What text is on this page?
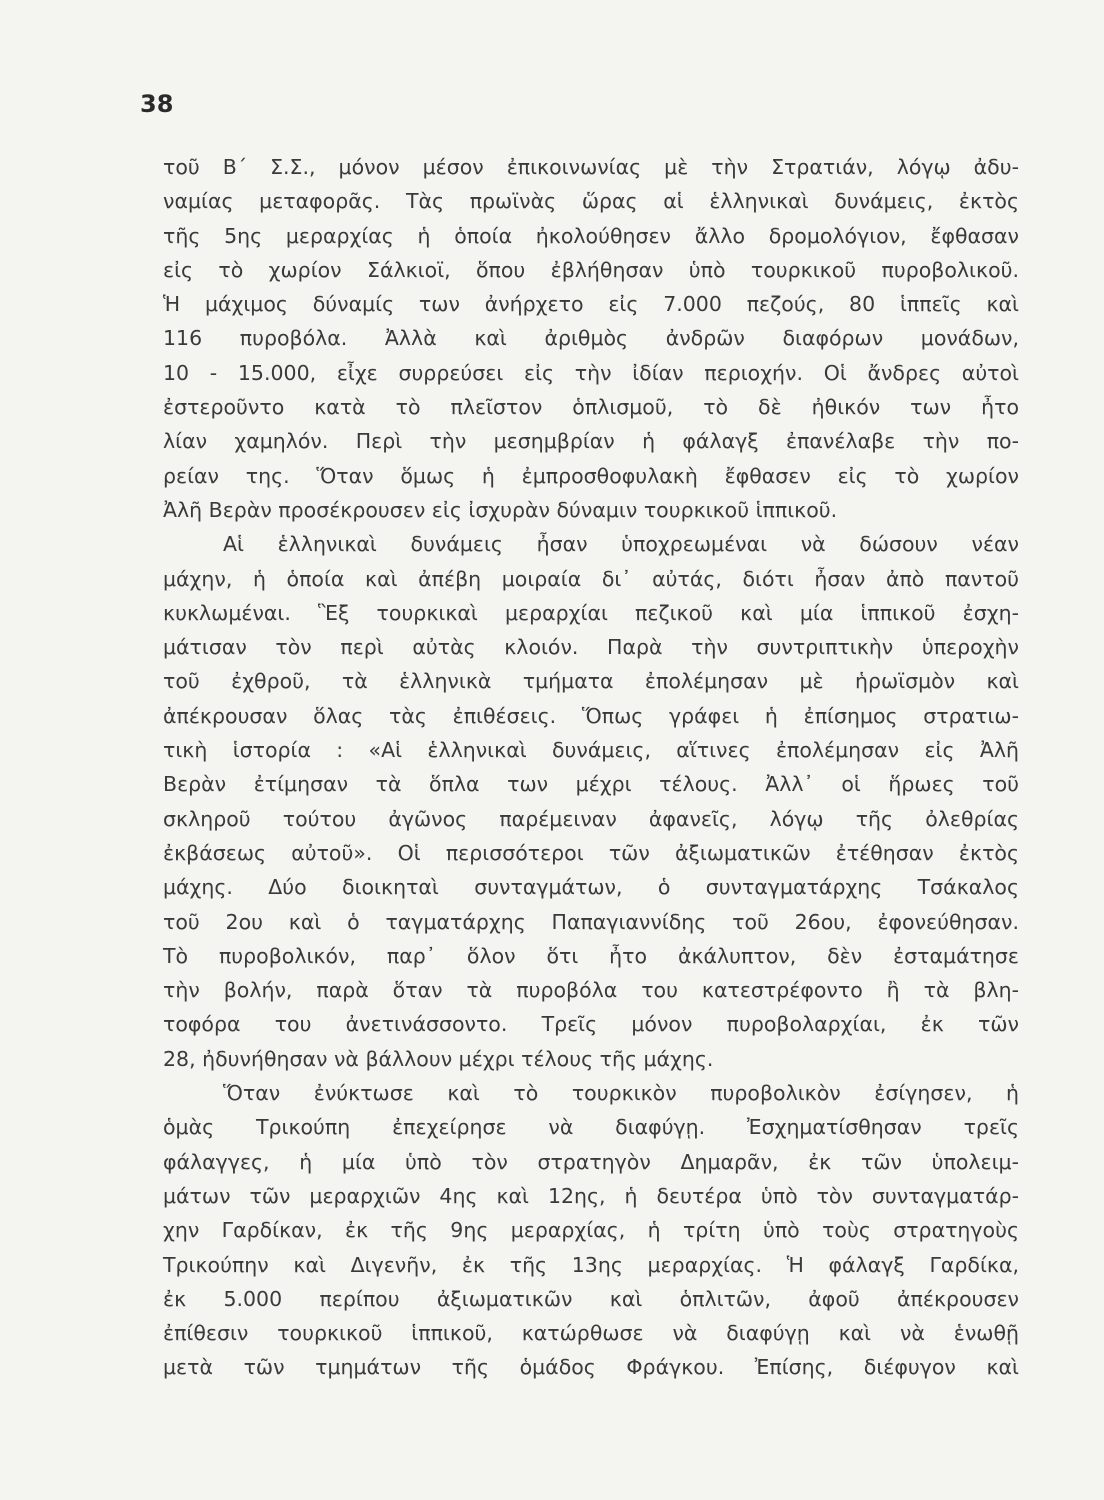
38
τοῦ Β΄ Σ.Σ., μόνον μέσον ἐπικοινωνίας μὲ τὴν Στρατιάν, λόγῳ ἀδυ-
ναμίας μεταφορᾶς. Τὰς πρωϊνὰς ὥρας αἱ ἑλληνικαὶ δυνάμεις, ἐκτὸς
τῆς 5ης μεραρχίας ἡ ὁποία ἠκολούθησεν ἄλλο δρομολόγιον, ἔφθασαν
εἰς τὸ χωρίον Σάλκιοϊ, ὅπου ἐβλήθησαν ὑπὸ τουρκικοῦ πυροβολικοῦ.
Ἡ μάχιμος δύναμίς των ἀνήρχετο εἰς 7.000 πεζούς, 80 ἱππεῖς καὶ
116 πυροβόλα. Ἀλλὰ καὶ ἀριθμὸς ἀνδρῶν διαφόρων μονάδων,
10 - 15.000, εἶχε συρρεύσει εἰς τὴν ἰδίαν περιοχήν. Οἱ ἄνδρες αὐτοὶ
ἐστεροῦντο κατὰ τὸ πλεῖστον ὁπλισμοῦ, τὸ δὲ ἠθικόν των ἦτο
λίαν χαμηλόν. Περὶ τὴν μεσημβρίαν ἡ φάλαγξ ἐπανέλαβε τὴν πο-
ρείαν της. Ὅταν ὅμως ἡ ἐμπροσθοφυλακὴ ἔφθασεν εἰς τὸ χωρίον
Ἀλῆ Βερὰν προσέκρουσεν εἰς ἰσχυρὰν δύναμιν τουρκικοῦ ἱππικοῦ.
Αἱ ἑλληνικαὶ δυνάμεις ἦσαν ὑποχρεωμέναι νὰ δώσουν νέαν
μάχην, ἡ ὁποία καὶ ἀπέβη μοιραία δι᾽ αὐτάς, διότι ἦσαν ἀπὸ παντοῦ
κυκλωμέναι. Ἓξ τουρκικαὶ μεραρχίαι πεζικοῦ καὶ μία ἱππικοῦ ἐσχη-
μάτισαν τὸν περὶ αὐτὰς κλοιόν. Παρὰ τὴν συντριπτικὴν ὑπεροχὴν
τοῦ ἐχθροῦ, τὰ ἑλληνικὰ τμήματα ἐπολέμησαν μὲ ἡρωϊσμὸν καὶ
ἀπέκρουσαν ὅλας τὰς ἐπιθέσεις. Ὅπως γράφει ἡ ἐπίσημος στρατιω-
τικὴ ἱστορία : «Αἱ ἑλληνικαὶ δυνάμεις, αἵτινες ἐπολέμησαν εἰς Ἀλῆ
Βερὰν ἐτίμησαν τὰ ὅπλα των μέχρι τέλους. Ἀλλ᾽ οἱ ἥρωες τοῦ
σκληροῦ τούτου ἀγῶνος παρέμειναν ἀφανεῖς, λόγῳ τῆς ὀλεθρίας
ἐκβάσεως αὐτοῦ». Οἱ περισσότεροι τῶν ἀξιωματικῶν ἐτέθησαν ἐκτὸς
μάχης. Δύο διοικηταὶ συνταγμάτων, ὁ συνταγματάρχης Τσάκαλος
τοῦ 2ου καὶ ὁ ταγματάρχης Παπαγιαννίδης τοῦ 26ου, ἐφονεύθησαν.
Τὸ πυροβολικόν, παρ᾽ ὅλον ὅτι ἦτο ἀκάλυπτον, δὲν ἐσταμάτησε
τὴν βολήν, παρὰ ὅταν τὰ πυροβόλα του κατεστρέφοντο ἢ τὰ βλη-
τοφόρα του ἀνετινάσσοντο. Τρεῖς μόνον πυροβολαρχίαι, ἐκ τῶν
28, ἠδυνήθησαν νὰ βάλλουν μέχρι τέλους τῆς μάχης.
Ὅταν ἐνύκτωσε καὶ τὸ τουρκικὸν πυροβολικὸν ἐσίγησεν, ἡ
ὁμὰς Τρικούπη ἐπεχείρησε νὰ διαφύγῃ. Ἐσχηματίσθησαν τρεῖς
φάλαγγες, ἡ μία ὑπὸ τὸν στρατηγὸν Δημαρᾶν, ἐκ τῶν ὑπολειμ-
μάτων τῶν μεραρχιῶν 4ης καὶ 12ης, ἡ δευτέρα ὑπὸ τὸν συνταγματάρ-
χην Γαρδίκαν, ἐκ τῆς 9ης μεραρχίας, ἡ τρίτη ὑπὸ τοὺς στρατηγοὺς
Τρικούπην καὶ Διγενῆν, ἐκ τῆς 13ης μεραρχίας. Ἡ φάλαγξ Γαρδίκα,
ἐκ 5.000 περίπου ἀξιωματικῶν καὶ ὁπλιτῶν, ἀφοῦ ἀπέκρουσεν
ἐπίθεσιν τουρκικοῦ ἱππικοῦ, κατώρθωσε νὰ διαφύγῃ καὶ νὰ ἑνωθῇ
μετὰ τῶν τμημάτων τῆς ὁμάδος Φράγκου. Ἐπίσης, διέφυγον καὶ
